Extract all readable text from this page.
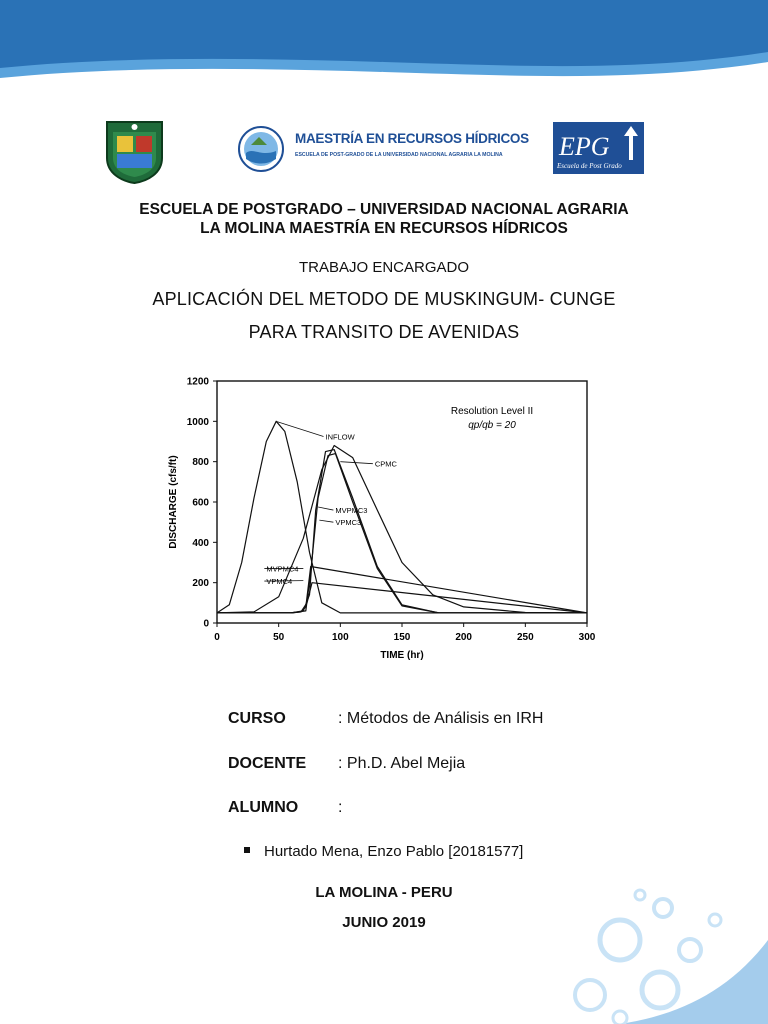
MAESTRÍA EN RECURSOS HÍDRICOS
ESCUELA DE POST-GRADO DE LA UNIVERSIDAD NACIONAL AGRARIA LA MOLINA EPG
Escuela de Post Grado
ESCUELA DE POSTGRADO – UNIVERSIDAD NACIONAL AGRARIA LA MOLINA MAESTRÍA EN RECURSOS HÍDRICOS
TRABAJO ENCARGADO
APLICACIÓN DEL METODO DE MUSKINGUM- CUNGE
PARA TRANSITO DE AVENIDAS
0
200
400
600
800
1000
1200
0	50	100	150	200	250	300
INFLOW
CPMC
MVPMC3
VPMC3
MVPMC4
VPMC4
TIME (hr)
DISCHARGE (cfs/ft)
Resolution Level II
qp/qb = 20
CURSO	: Métodos de Análisis en IRH
DOCENTE	: Ph.D. Abel Mejia
ALUMNO	:
Hurtado Mena, Enzo Pablo [20181577]
LA MOLINA - PERU
JUNIO 2019
